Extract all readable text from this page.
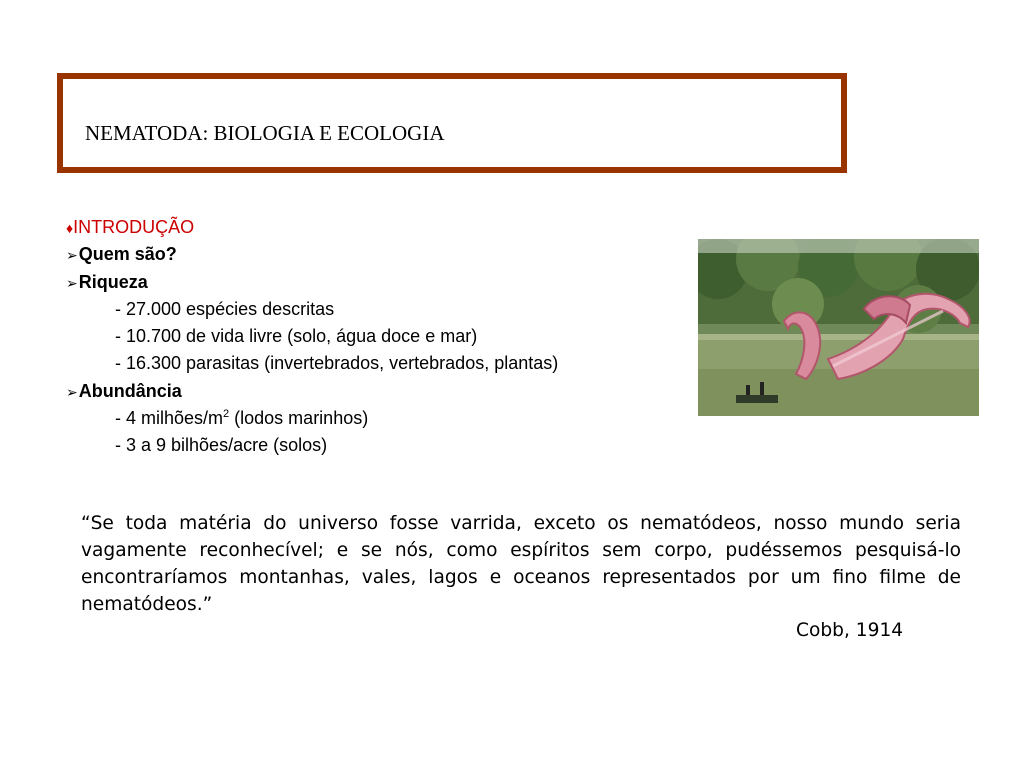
NEMATODA: BIOLOGIA E ECOLOGIA
♦INTRODUÇÃO
➢Quem são?
➢Riqueza
- 27.000 espécies descritas
- 10.700 de vida livre (solo, água doce e mar)
- 16.300 parasitas (invertebrados, vertebrados, plantas)
➢Abundância
- 4 milhões/$m^2$ (lodos marinhos)
- 3 a 9 bilhões/acre (solos)
“Se toda matéria do universo fosse varrida, exceto os nematódeos, nosso mundo seria vagamente reconhecível; e se nós, como espíritos sem corpo, pudéssemos pesquisá-lo encontraríamos montanhas, vales, lagos e oceanos representados por um fino filme de nematódeos.”
Cobb, 1914
